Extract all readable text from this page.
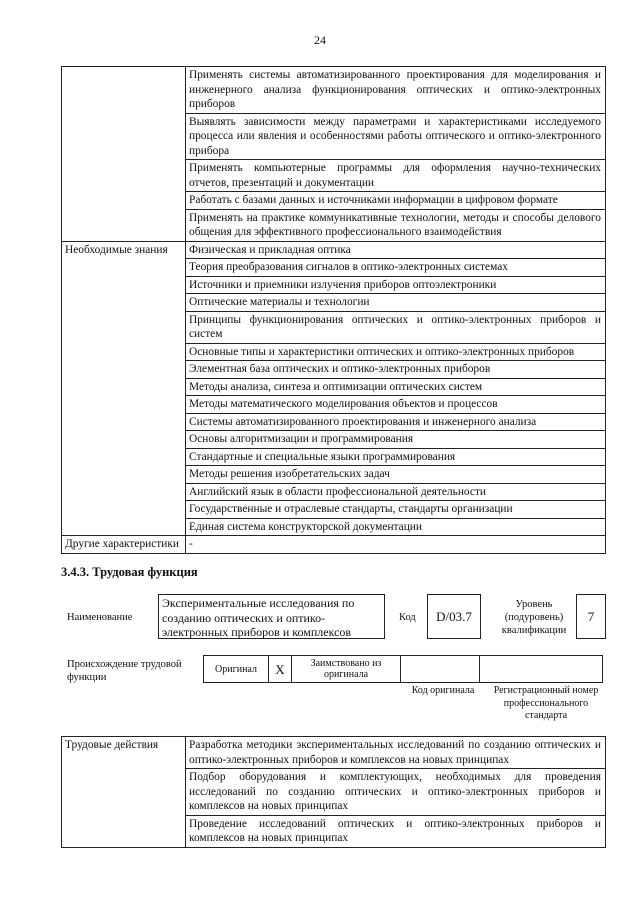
24
	Применять системы автоматизированного проектирования для моделирования и инженерного анализа функционирования оптических и оптико-электронных приборов
	Выявлять зависимости между параметрами и характеристиками исследуемого процесса или явления и особенностями работы оптического и оптико-электронного прибора
	Применять компьютерные программы для оформления научно-технических отчетов, презентаций и документации
	Работать с базами данных и источниками информации в цифровом формате
	Применять на практике коммуникативные технологии, методы и способы делового общения для эффективного профессионального взаимодействия
Необходимые знания	Физическая и прикладная оптика
	Теория преобразования сигналов в оптико-электронных системах
	Источники и приемники излучения приборов оптоэлектроники
	Оптические материалы и технологии
	Принципы функционирования оптических и оптико-электронных приборов и систем
	Основные типы и характеристики оптических и оптико-электронных приборов
	Элементная база оптических и оптико-электронных приборов
	Методы анализа, синтеза и оптимизации оптических систем
	Методы математического моделирования объектов и процессов
	Системы автоматизированного проектирования и инженерного анализа
	Основы алгоритмизации и программирования
	Стандартные и специальные языки программирования
	Методы решения изобретательских задач
	Английский язык в области профессиональной деятельности
	Государственные и отраслевые стандарты, стандарты организации
	Единая система конструкторской документации
Другие характеристики	-
3.4.3. Трудовая функция
Наименование
Экспериментальные исследования по созданию оптических и оптико-электронных приборов и комплексов
Код	D/03.7
Уровень (подуровень) квалификации
7
Происхождение трудовой функции
Оригинал	X	Заимствовано из оригинала
Код оригинала	Регистрационный номер профессионального стандарта
Трудовые действия	Разработка методики экспериментальных исследований по созданию оптических и оптико-электронных приборов и комплексов на новых принципах
Подбор оборудования и комплектующих, необходимых для проведения исследований по созданию оптических и оптико-электронных приборов и комплексов на новых принципах
Проведение исследований оптических и оптико-электронных приборов и комплексов на новых принципах
